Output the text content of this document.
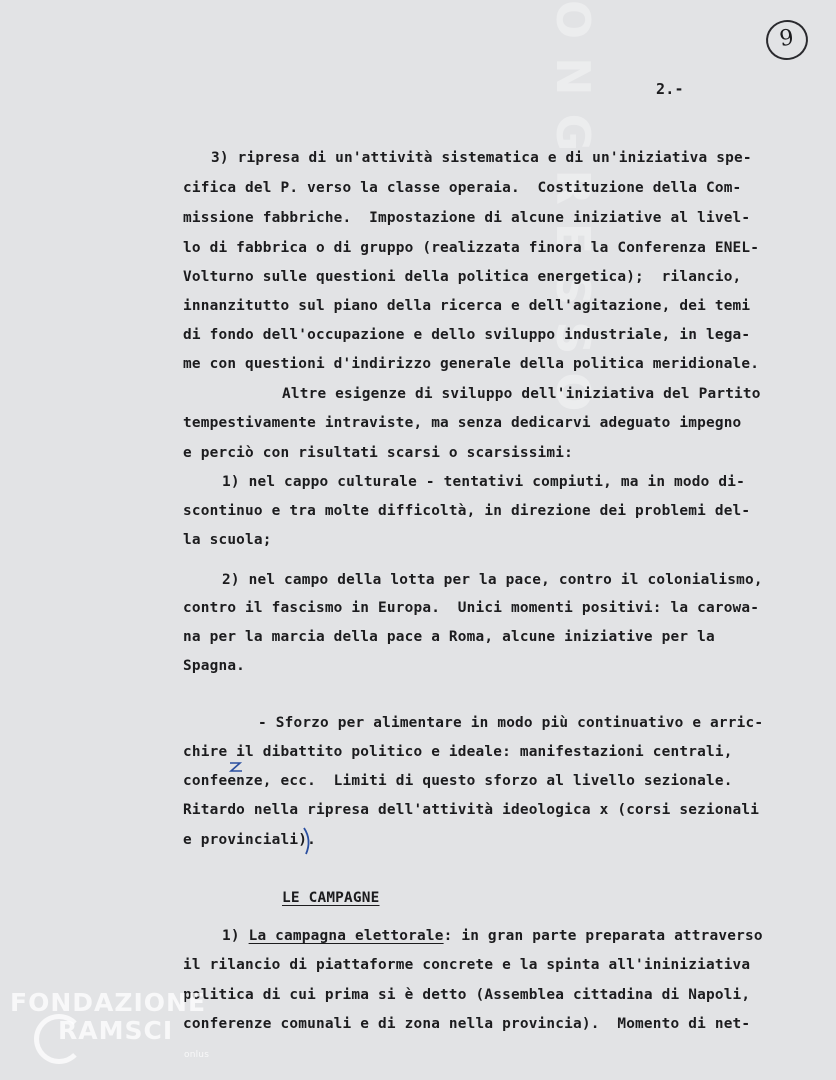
ONGRESSO	9
2.-
3) ripresa di un'attività sistematica e di un'iniziativa spe-
cifica del P. verso la classe operaia.  Costituzione della Com-
missione fabbriche.  Impostazione di alcune iniziative al livel-
lo di fabbrica o di gruppo (realizzata finora la Conferenza ENEL-
Volturno sulle questioni della politica energetica);  rilancio,
innanzitutto sul piano della ricerca e dell'agitazione, dei temi
di fondo dell'occupazione e dello sviluppo industriale, in lega-
me con questioni d'indirizzo generale della politica meridionale.
Altre esigenze di sviluppo dell'iniziativa del Partito
tempestivamente intraviste, ma senza dedicarvi adeguato impegno
e perciò con risultati scarsi o scarsissimi:
1) nel cappo culturale - tentativi compiuti, ma in modo di-
scontinuo e tra molte difficoltà, in direzione dei problemi del-
la scuola;
2) nel campo della lotta per la pace, contro il colonialismo,
contro il fascismo in Europa.  Unici momenti positivi: la carowa-
na per la marcia della pace a Roma, alcune iniziative per la
Spagna.
- Sforzo per alimentare in modo più continuativo e arric-
chire il dibattito politico e ideale: manifestazioni centrali,
confeenze, ecc.  Limiti di questo sforzo al livello sezionale.
Ritardo nella ripresa dell'attività ideologica x (corsi sezionali
e provinciali).
LE CAMPAGNE
1) La campagna elettorale: in gran parte preparata attraverso
il rilancio di piattaforme concrete e la spinta all'ininiziativa
politica di cui prima si è detto (Assemblea cittadina di Napoli,
conferenze comunali e di zona nella provincia).  Momento di net-
FONDAZIONE
RAMSCI
onlus
